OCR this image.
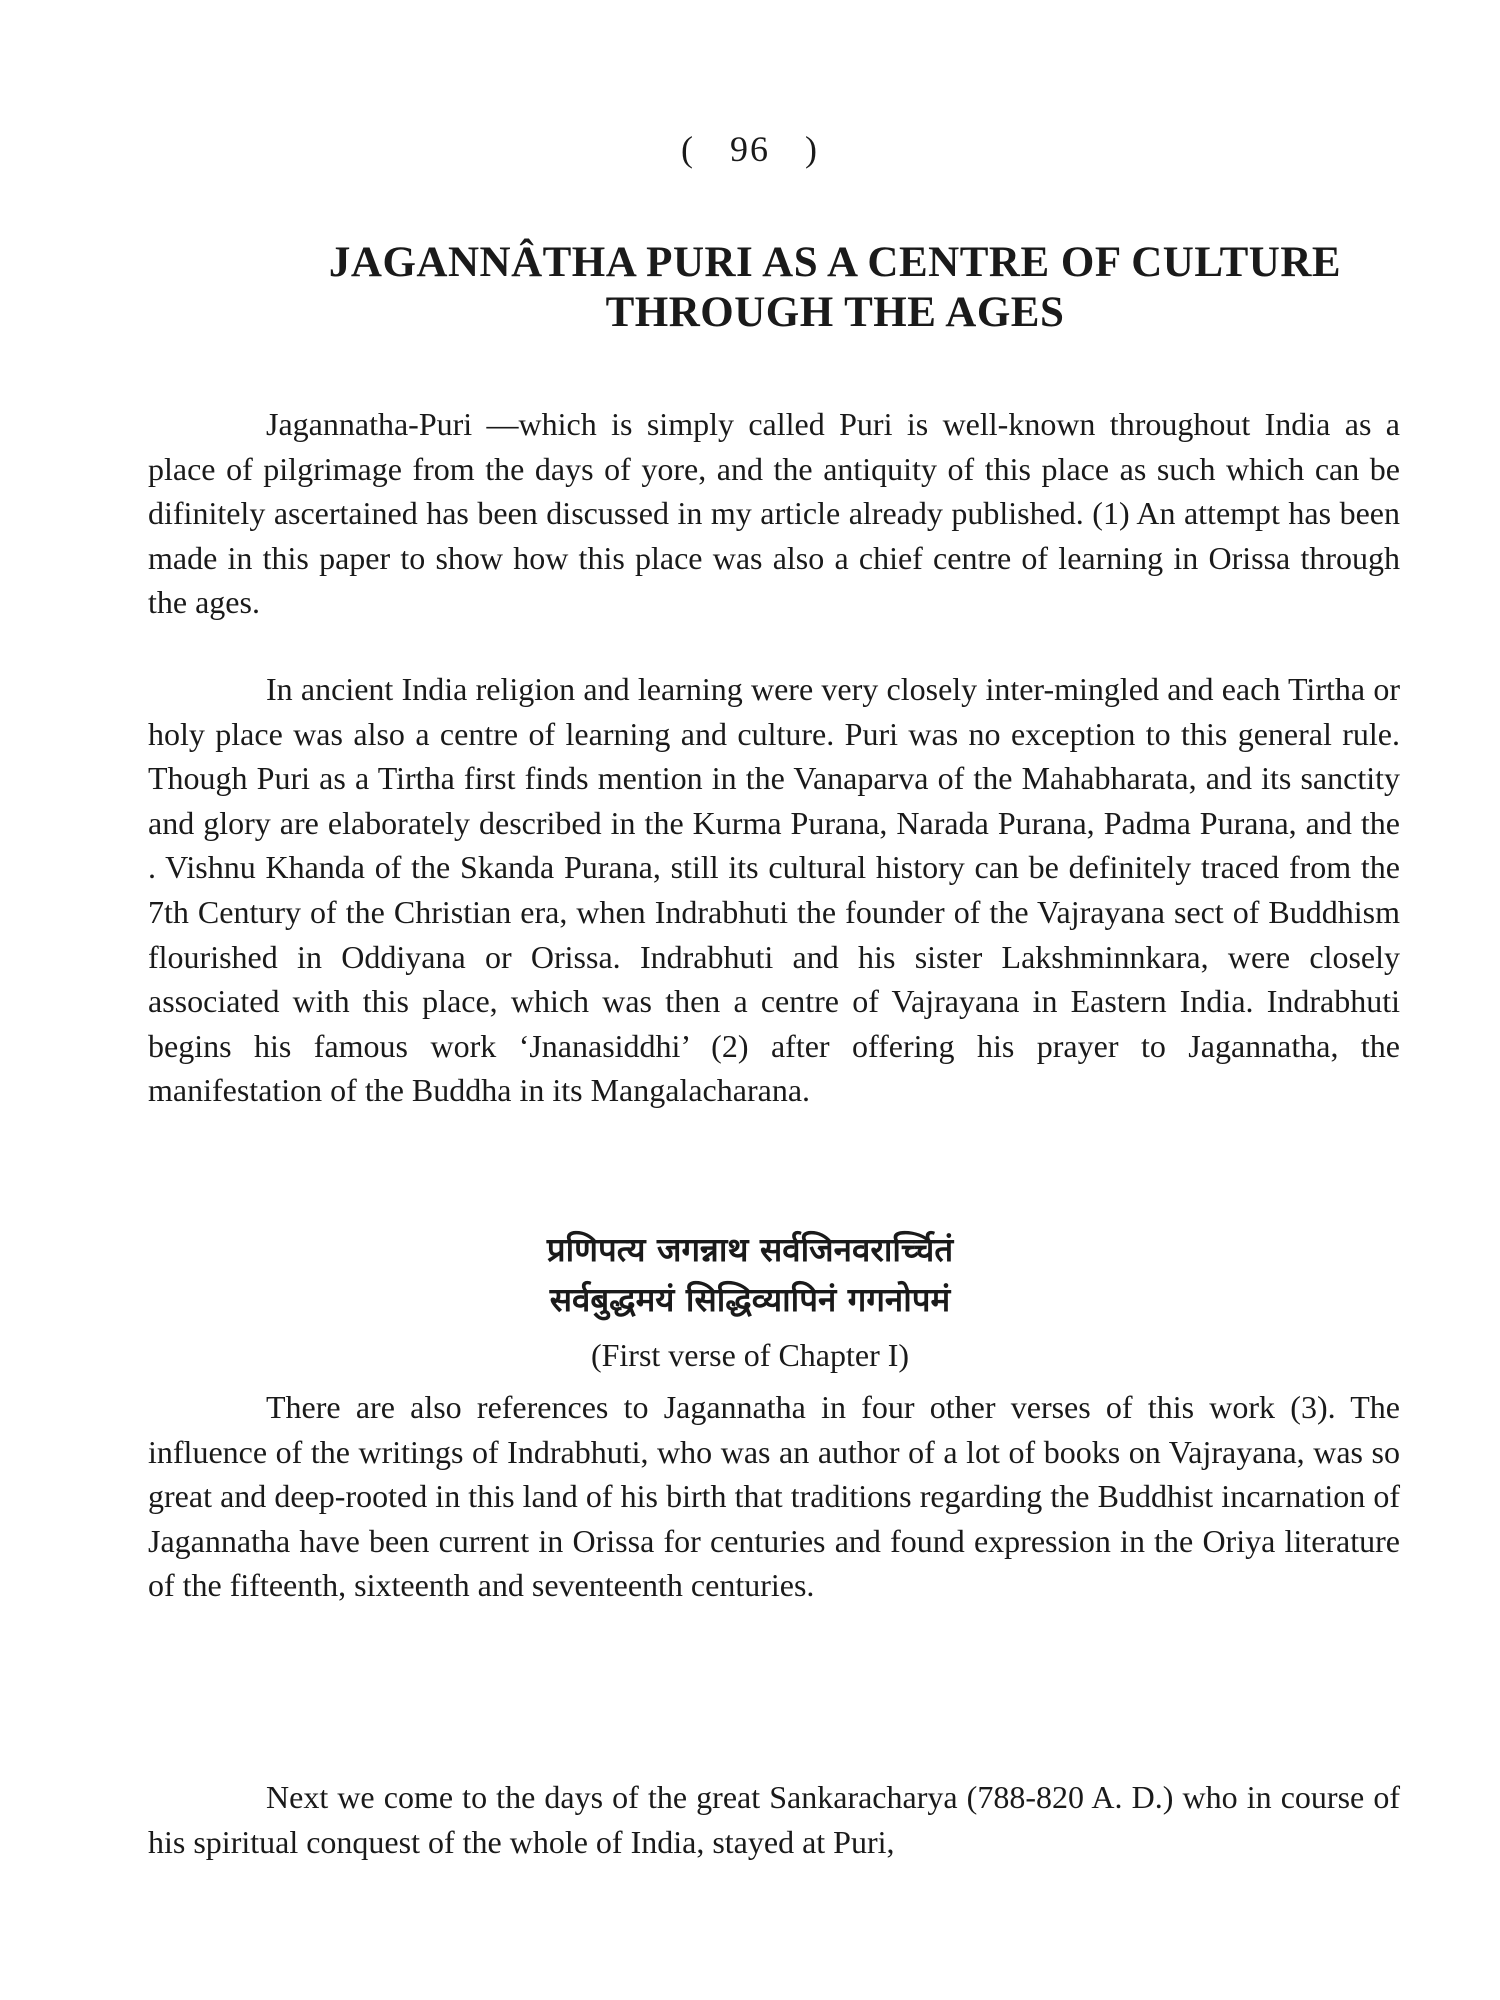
( 96 )
JAGANNÂTHA PURI AS A CENTRE OF CULTURE
THROUGH THE AGES

Jagannatha-Puri —which is simply called Puri is well-known throughout India as a place of pilgrimage from the days of yore, and the antiquity of this place as such which can be difinitely ascertained has been discussed in my article already published. (1) An attempt has been made in this paper to show how this place was also a chief centre of learning in Orissa through the ages.

In ancient India religion and learning were very closely inter-mingled and each Tirtha or holy place was also a centre of learning and culture. Puri was no exception to this general rule. Though Puri as a Tirtha first finds mention in the Vanaparva of the Mahabharata, and its sanctity and glory are elaborately described in the Kurma Purana, Narada Purana, Padma Purana, and the . Vishnu Khanda of the Skanda Purana, still its cultural history can be definitely traced from the 7th Century of the Christian era, when Indrabhuti the founder of the Vajrayana sect of Buddhism flourished in Oddiyana or Orissa. Indrabhuti and his sister Lakshminnkara, were closely associated with this place, which was then a centre of Vajrayana in Eastern India. Indrabhuti begins his famous work ‘Jnanasiddhi’ (2) after offering his prayer to Jagannatha, the manifestation of the Buddha in its Mangalacharana.

प्रणिपत्य जगन्नाथ सर्वजिनवरार्च्चितं
सर्वबुद्धमयं सिद्धिव्यापिनं गगनोपमं
(First verse of Chapter I)

There are also references to Jagannatha in four other verses of this work (3). The influence of the writings of Indrabhuti, who was an author of a lot of books on Vajrayana, was so great and deep-rooted in this land of his birth that traditions regarding the Buddhist incarnation of Jagannatha have been current in Orissa for centuries and found expression in the Oriya literature of the fifteenth, sixteenth and seventeenth centuries.

Next we come to the days of the great Sankaracharya (788-820 A. D.) who in course of his spiritual conquest of the whole of India, stayed at Puri,
